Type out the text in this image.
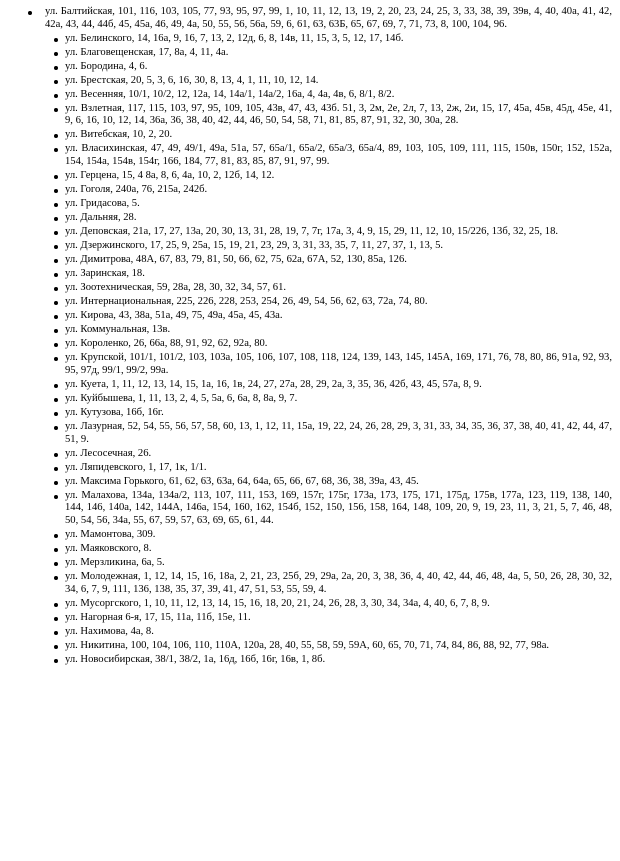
ул. Балтийская, 101, 116, 103, 105, 77, 93, 95, 97, 99, 1, 10, 11, 12, 13, 19, 2, 20, 23, 24, 25, 3, 33, 38, 39, 39в, 4, 40, 40а, 41, 42, 42а, 43, 44, 44б, 45, 45а, 46, 49, 4а, 50, 55, 56, 56а, 59, 6, 61, 63, 63Б, 65, 67, 69, 7, 71, 73, 8, 100, 104, 96.
ул. Белинского, 14, 16а, 9, 16, 7, 13, 2, 12д, 6, 8, 14в, 11, 15, 3, 5, 12, 17, 14б.
ул. Благовещенская, 17, 8а, 4, 11, 4а.
ул. Бородина, 4, 6.
ул. Брестская, 20, 5, 3, 6, 16, 30, 8, 13, 4, 1, 11, 10, 12, 14.
ул. Весенняя, 10/1, 10/2, 12, 12а, 14, 14а/1, 14а/2, 16а, 4, 4а, 4в, 6, 8/1, 8/2.
ул. Взлетная, 117, 115, 103, 97, 95, 109, 105, 43в, 47, 43, 43б. 51, 3, 2м, 2е, 2л, 7, 13, 2ж, 2и, 15, 17, 45а, 45в, 45д, 45е, 41, 9, 6, 16, 10, 12, 14, 36а, 36, 38, 40, 42, 44, 46, 50, 54, 58, 71, 81, 85, 87, 91, 32, 30, 30а, 28.
ул. Витебская, 10, 2, 20.
ул. Власихинская, 47, 49, 49/1, 49а, 51а, 57, 65а/1, 65а/2, 65а/3, 65а/4, 89, 103, 105, 109, 111, 115, 150в, 150г, 152, 152а, 154, 154а, 154в, 154г, 166, 184, 77, 81, 83, 85, 87, 91, 97, 99.
ул. Герцена, 15, 4 8а, 8, 6, 4а, 10, 2, 12б, 14, 12.
ул. Гоголя, 240а, 76, 215а, 242б.
ул. Гридасова, 5.
ул. Дальняя, 28.
ул. Деповская, 21а, 17, 27, 13а, 20, 30, 13, 31, 28, 19, 7, 7г, 17а, 3, 4, 9, 15, 29, 11, 12, 10, 15/226, 13б, 32, 25, 18.
ул. Дзержинского, 17, 25, 9, 25а, 15, 19, 21, 23, 29, 3, 31, 33, 35, 7, 11, 27, 37, 1, 13, 5.
ул. Димитрова, 48А, 67, 83, 79, 81, 50, 66, 62, 75, 62а, 67А, 52, 130, 85а, 126.
ул. Заринская, 18.
ул. Зоотехническая, 59, 28а, 28, 30, 32, 34, 57, 61.
ул. Интернациональная, 225, 226, 228, 253, 254, 26, 49, 54, 56, 62, 63, 72а, 74, 80.
ул. Кирова, 43, 38а, 51а, 49, 75, 49а, 45а, 45, 43а.
ул. Коммунальная, 13в.
ул. Короленко, 26, 66а, 88, 91, 92, 62, 92а, 80.
ул. Крупской, 101/1, 101/2, 103, 103а, 105, 106, 107, 108, 118, 124, 139, 143, 145, 145А, 169, 171, 76, 78, 80, 86, 91а, 92, 93, 95, 97д, 99/1, 99/2, 99а.
ул. Куета, 1, 11, 12, 13, 14, 15, 1а, 16, 1в, 24, 27, 27а, 28, 29, 2а, 3, 35, 36, 42б, 43, 45, 57а, 8, 9.
ул. Куйбышева, 1, 11, 13, 2, 4, 5, 5а, 6, 6а, 8, 8а, 9, 7.
ул. Кутузова, 16б, 16г.
ул. Лазурная, 52, 54, 55, 56, 57, 58, 60, 13, 1, 12, 11, 15а, 19, 22, 24, 26, 28, 29, 3, 31, 33, 34, 35, 36, 37, 38, 40, 41, 42, 44, 47, 51, 9.
ул. Лесосечная, 26.
ул. Ляпидевского, 1, 17, 1к, 1/1.
ул. Максима Горького, 61, 62, 63, 63а, 64, 64а, 65, 66, 67, 68, 36, 38, 39а, 43, 45.
ул. Малахова, 134а, 134а/2, 113, 107, 111, 153, 169, 157г, 175г, 173а, 173, 175, 171, 175д, 175в, 177а, 123, 119, 138, 140, 144, 146, 140а, 142, 144А, 146а, 154, 160, 162, 154б, 152, 150, 156, 158, 164, 148, 109, 20, 9, 19, 23, 11, 3, 21, 5, 7, 46, 48, 50, 54, 56, 34а, 55, 67, 59, 57, 63, 69, 65, 61, 44.
ул. Мамонтова, 309.
ул. Маяковского, 8.
ул. Мерзликина, 6а, 5.
ул. Молодежная, 1, 12, 14, 15, 16, 18а, 2, 21, 23, 25б, 29, 29а, 2а, 20, 3, 38, 36, 4, 40, 42, 44, 46, 48, 4а, 5, 50, 26, 28, 30, 32, 34, 6, 7, 9, 111, 136, 138, 35, 37, 39, 41, 47, 51, 53, 55, 59, 4.
ул. Мусоргского, 1, 10, 11, 12, 13, 14, 15, 16, 18, 20, 21, 24, 26, 28, 3, 30, 34, 34а, 4, 40, 6, 7, 8, 9.
ул. Нагорная 6-я, 17, 15, 11а, 11б, 15е, 11.
ул. Нахимова, 4а, 8.
ул. Никитина, 100, 104, 106, 110, 110А, 120а, 28, 40, 55, 58, 59, 59А, 60, 65, 70, 71, 74, 84, 86, 88, 92, 77, 98а.
ул. Новосибирская, 38/1, 38/2, 1а, 16д, 16б, 16г, 16в, 1, 8б.
